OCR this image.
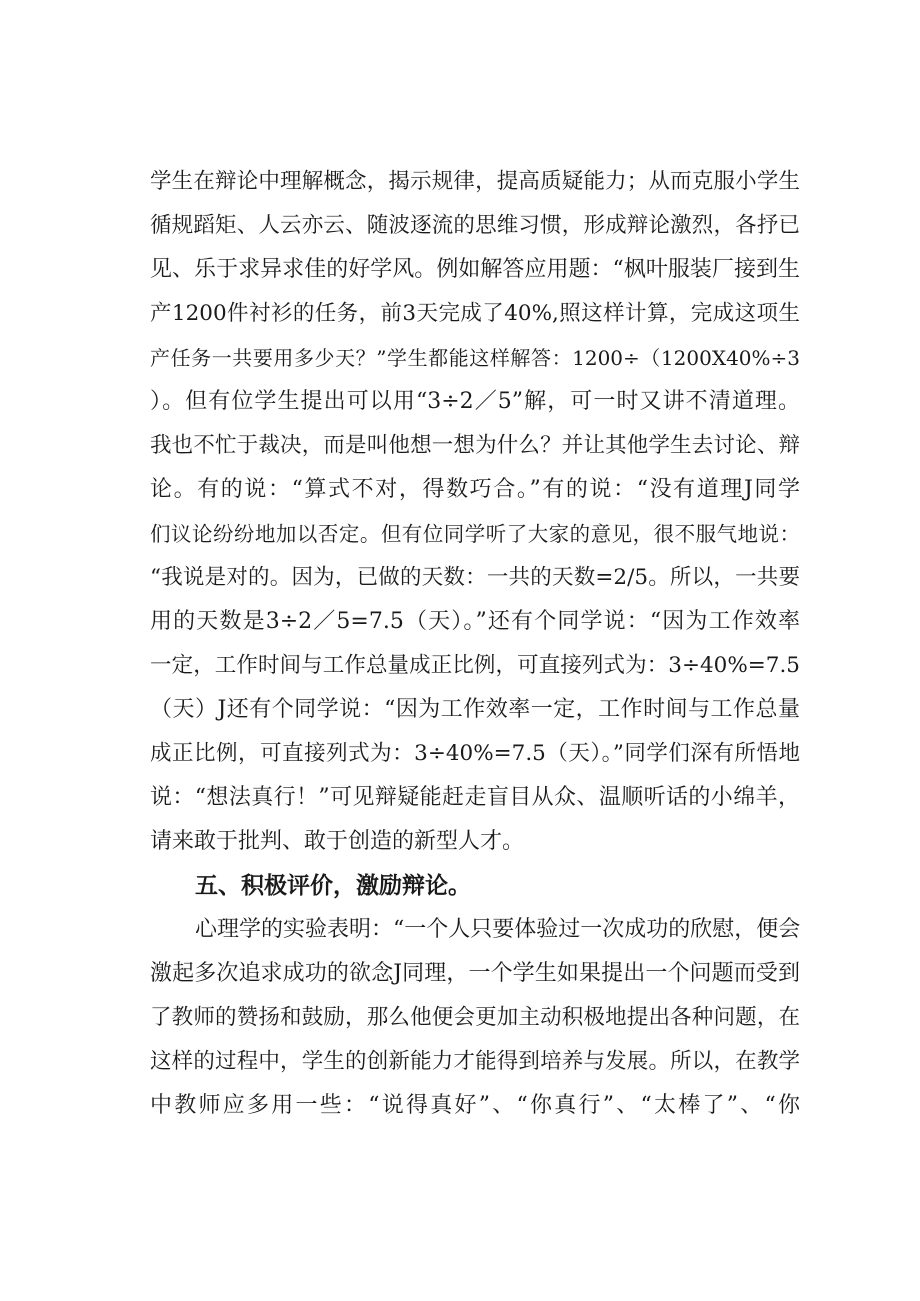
学生在辩论中理解概念，揭示规律，提高质疑能力；从而克服小学生
循规蹈矩、人云亦云、随波逐流的思维习惯，形成辩论激烈，各抒已
见、乐于求异求佳的好学风。例如解答应用题：“枫叶服装厂接到生
产1200件衬衫的任务，前3天完成了40%,照这样计算，完成这项生
产任务一共要用多少天？”学生都能这样解答：1200÷（1200X40%÷3
）。但有位学生提出可以用“3÷2／5”解，可一时又讲不清道理。
我也不忙于裁决，而是叫他想一想为什么？并让其他学生去讨论、辩
论。有的说：“算式不对，得数巧合。”有的说：“没有道理J同学
们议论纷纷地加以否定。但有位同学听了大家的意见，很不服气地说：
“我说是对的。因为，已做的天数：一共的天数=2/5。所以，一共要
用的天数是3÷2／5=7.5（天）。”还有个同学说：“因为工作效率
一定，工作时间与工作总量成正比例，可直接列式为：3÷40%=7.5
（天）J还有个同学说：“因为工作效率一定，工作时间与工作总量
成正比例，可直接列式为：3÷40%=7.5（天）。”同学们深有所悟地
说：“想法真行！”可见辩疑能赶走盲目从众、温顺听话的小绵羊，
请来敢于批判、敢于创造的新型人才。
五、积极评价，激励辩论。
心理学的实验表明：“一个人只要体验过一次成功的欣慰，便会
激起多次追求成功的欲念J同理，一个学生如果提出一个问题而受到
了教师的赞扬和鼓励，那么他便会更加主动积极地提出各种问题，在
这样的过程中，学生的创新能力才能得到培养与发展。所以，在教学
中教师应多用一些：“说得真好”、“你真行”、“太棒了”、“你
